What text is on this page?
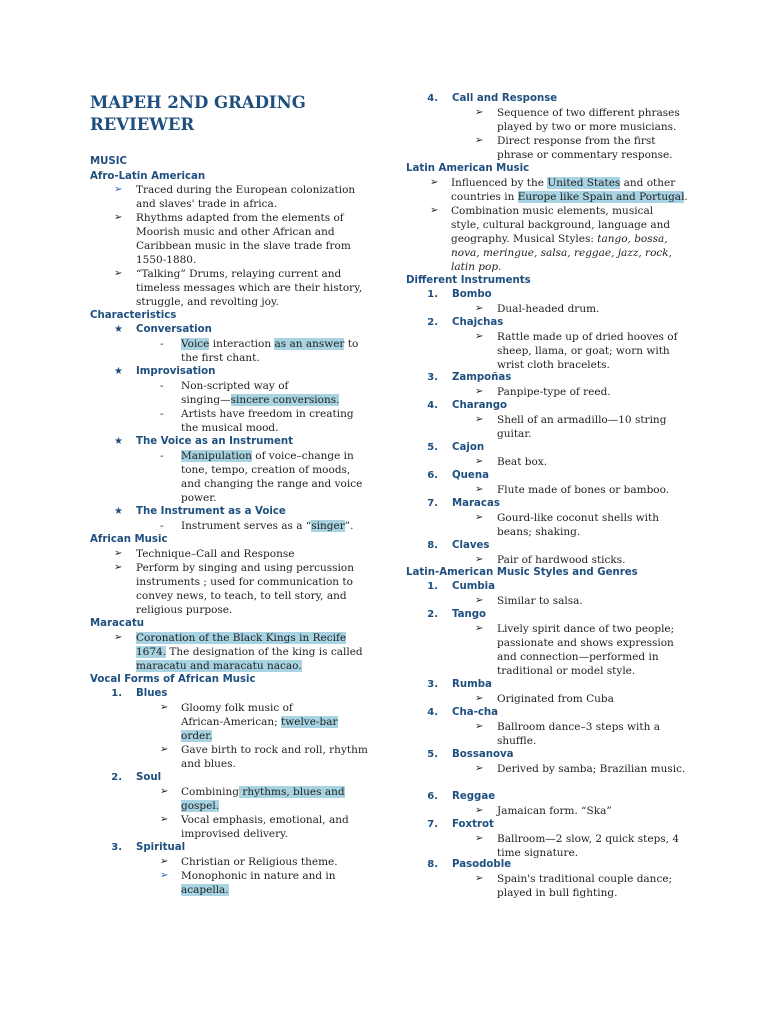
MAPEH 2ND GRADING REVIEWER
MUSIC
Afro-Latin American
➢ Traced during the European colonization
and slaves' trade in africa.
➢ Rhythms adapted from the elements of
Moorish music and other African and
Caribbean music in the slave trade from
1550-1880.
➢ “Talking” Drums, relaying current and
timeless messages which are their history,
struggle, and revolting joy.
Characteristics
★ Conversation
- Voice interaction as an answer to
the first chant.
★ Improvisation
- Non-scripted way of
singing—sincere conversions.
- Artists have freedom in creating
the musical mood.
★ The Voice as an Instrument
- Manipulation of voice–change in
tone, tempo, creation of moods,
and changing the range and voice
power.
★ The Instrument as a Voice
- Instrument serves as a “singer”.
African Music
➢ Technique–Call and Response
➢ Perform by singing and using percussion
instruments ; used for communication to
convey news, to teach, to tell story, and
religious purpose.
Maracatu
➢ Coronation of the Black Kings in Recife
1674. The designation of the king is called
maracatu and maracatu nacao.
Vocal Forms of African Music
1. Blues
➢ Gloomy folk music of
African-American; twelve-bar
order.
➢ Gave birth to rock and roll, rhythm
and blues.
2. Soul
➢ Combining rhythms, blues and
gospel.
➢ Vocal emphasis, emotional, and
improvised delivery.
3. Spiritual
➢ Christian or Religious theme.
➢ Monophonic in nature and in
acapella.
4. Call and Response
➢ Sequence of two different phrases
played by two or more musicians.
➢ Direct response from the first
phrase or commentary response.
Latin American Music
➢ Influenced by the United States and other
countries in Europe like Spain and Portugal.
➢ Combination music elements, musical
style, cultural background, language and
geography. Musical Styles: tango, bossa,
nova, meringue, salsa, reggae, jazz, rock,
latin pop.
Different Instruments
1. Bombo
➢ Dual-headed drum.
2. Chajchas
➢ Rattle made up of dried hooves of
sheep, llama, or goat; worn with
wrist cloth bracelets.
3. Zampoñas
➢ Panpipe-type of reed.
4. Charango
➢ Shell of an armadillo—10 string
guitar.
5. Cajon
➢ Beat box.
6. Quena
➢ Flute made of bones or bamboo.
7. Maracas
➢ Gourd-like coconut shells with
beans; shaking.
8. Claves
➢ Pair of hardwood sticks.
Latin-American Music Styles and Genres
1. Cumbia
➢ Similar to salsa.
2. Tango
➢ Lively spirit dance of two people;
passionate and shows expression
and connection—performed in
traditional or model style.
3. Rumba
➢ Originated from Cuba
4. Cha-cha
➢ Ballroom dance–3 steps with a
shuffle.
5. Bossanova
➢ Derived by samba; Brazilian music.
6. Reggae
➢ Jamaican form. “Ska”
7. Foxtrot
➢ Ballroom—2 slow, 2 quick steps, 4
time signature.
8. Pasodoble
➢ Spain's traditional couple dance;
played in bull fighting.
